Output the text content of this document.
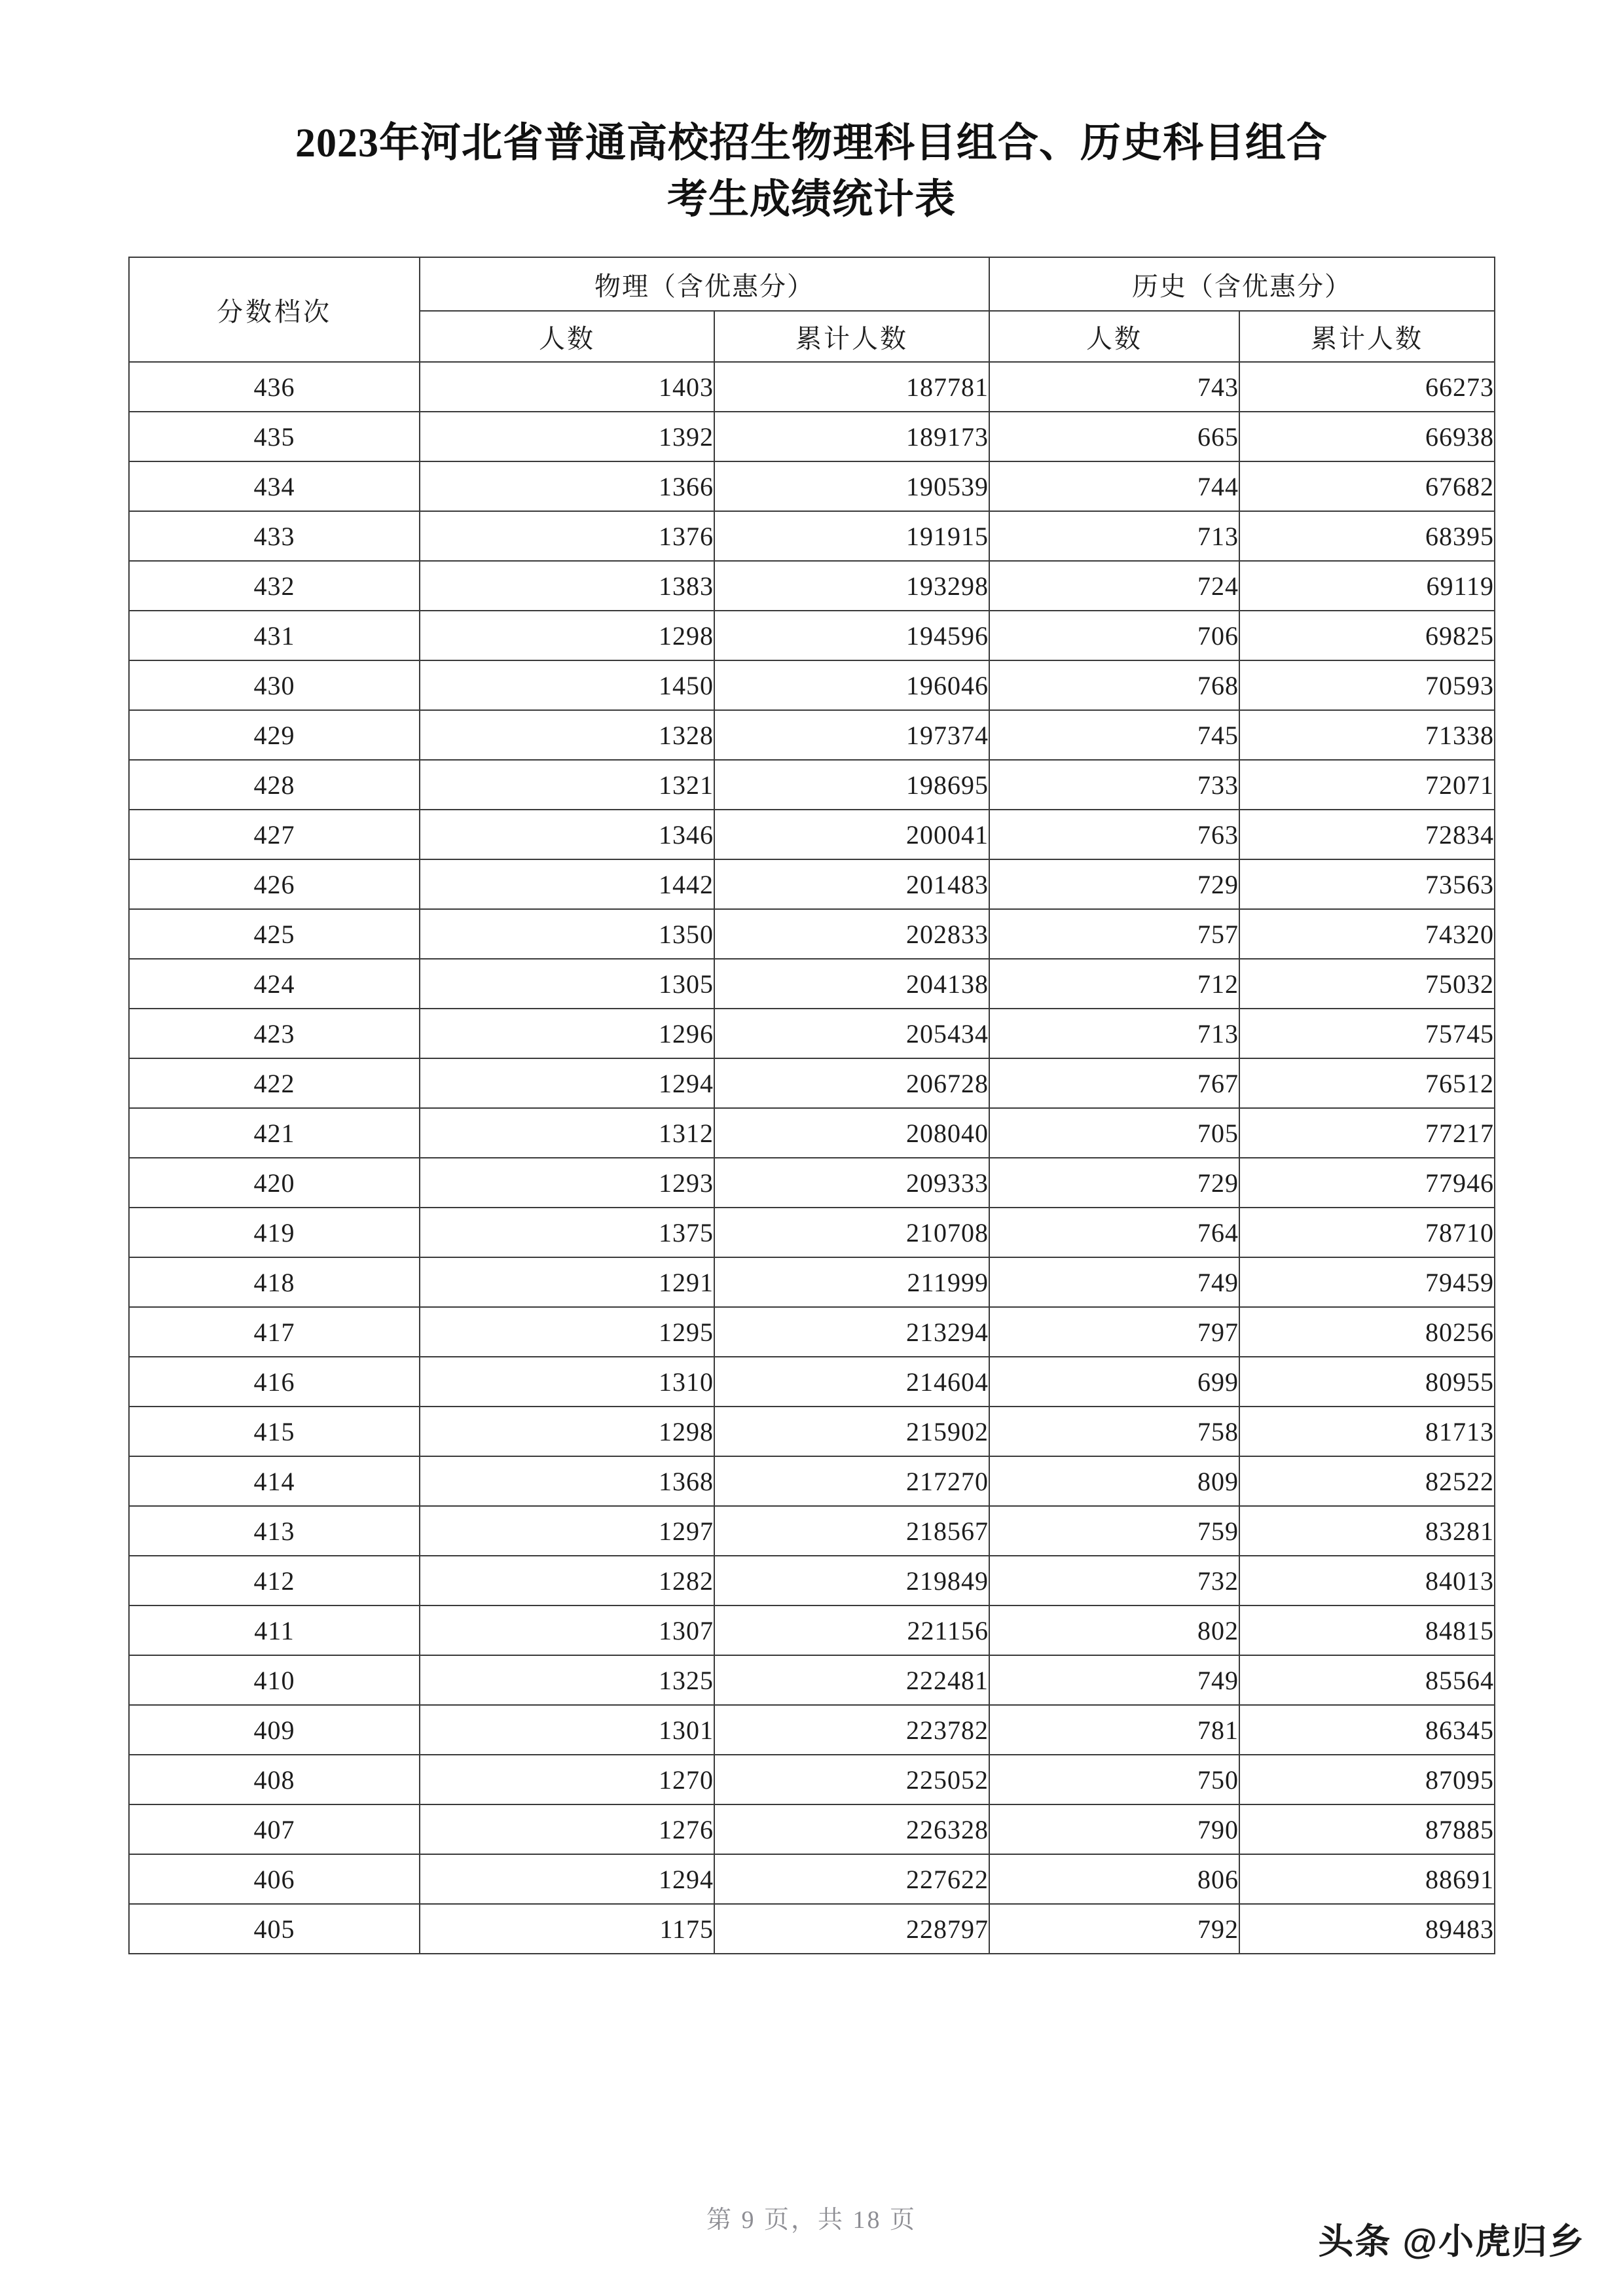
2023年河北省普通高校招生物理科目组合、历史科目组合
考生成绩统计表
分数档次	物理（含优惠分）		历史（含优惠分）	
	人数	累计人数	人数	累计人数
436	1403	187781	743	66273
435	1392	189173	665	66938
434	1366	190539	744	67682
433	1376	191915	713	68395
432	1383	193298	724	69119
431	1298	194596	706	69825
430	1450	196046	768	70593
429	1328	197374	745	71338
428	1321	198695	733	72071
427	1346	200041	763	72834
426	1442	201483	729	73563
425	1350	202833	757	74320
424	1305	204138	712	75032
423	1296	205434	713	75745
422	1294	206728	767	76512
421	1312	208040	705	77217
420	1293	209333	729	77946
419	1375	210708	764	78710
418	1291	211999	749	79459
417	1295	213294	797	80256
416	1310	214604	699	80955
415	1298	215902	758	81713
414	1368	217270	809	82522
413	1297	218567	759	83281
412	1282	219849	732	84013
411	1307	221156	802	84815
410	1325	222481	749	85564
409	1301	223782	781	86345
408	1270	225052	750	87095
407	1276	226328	790	87885
406	1294	227622	806	88691
405	1175	228797	792	89483
第 9 页，共 18 页
头条 @小虎归乡
